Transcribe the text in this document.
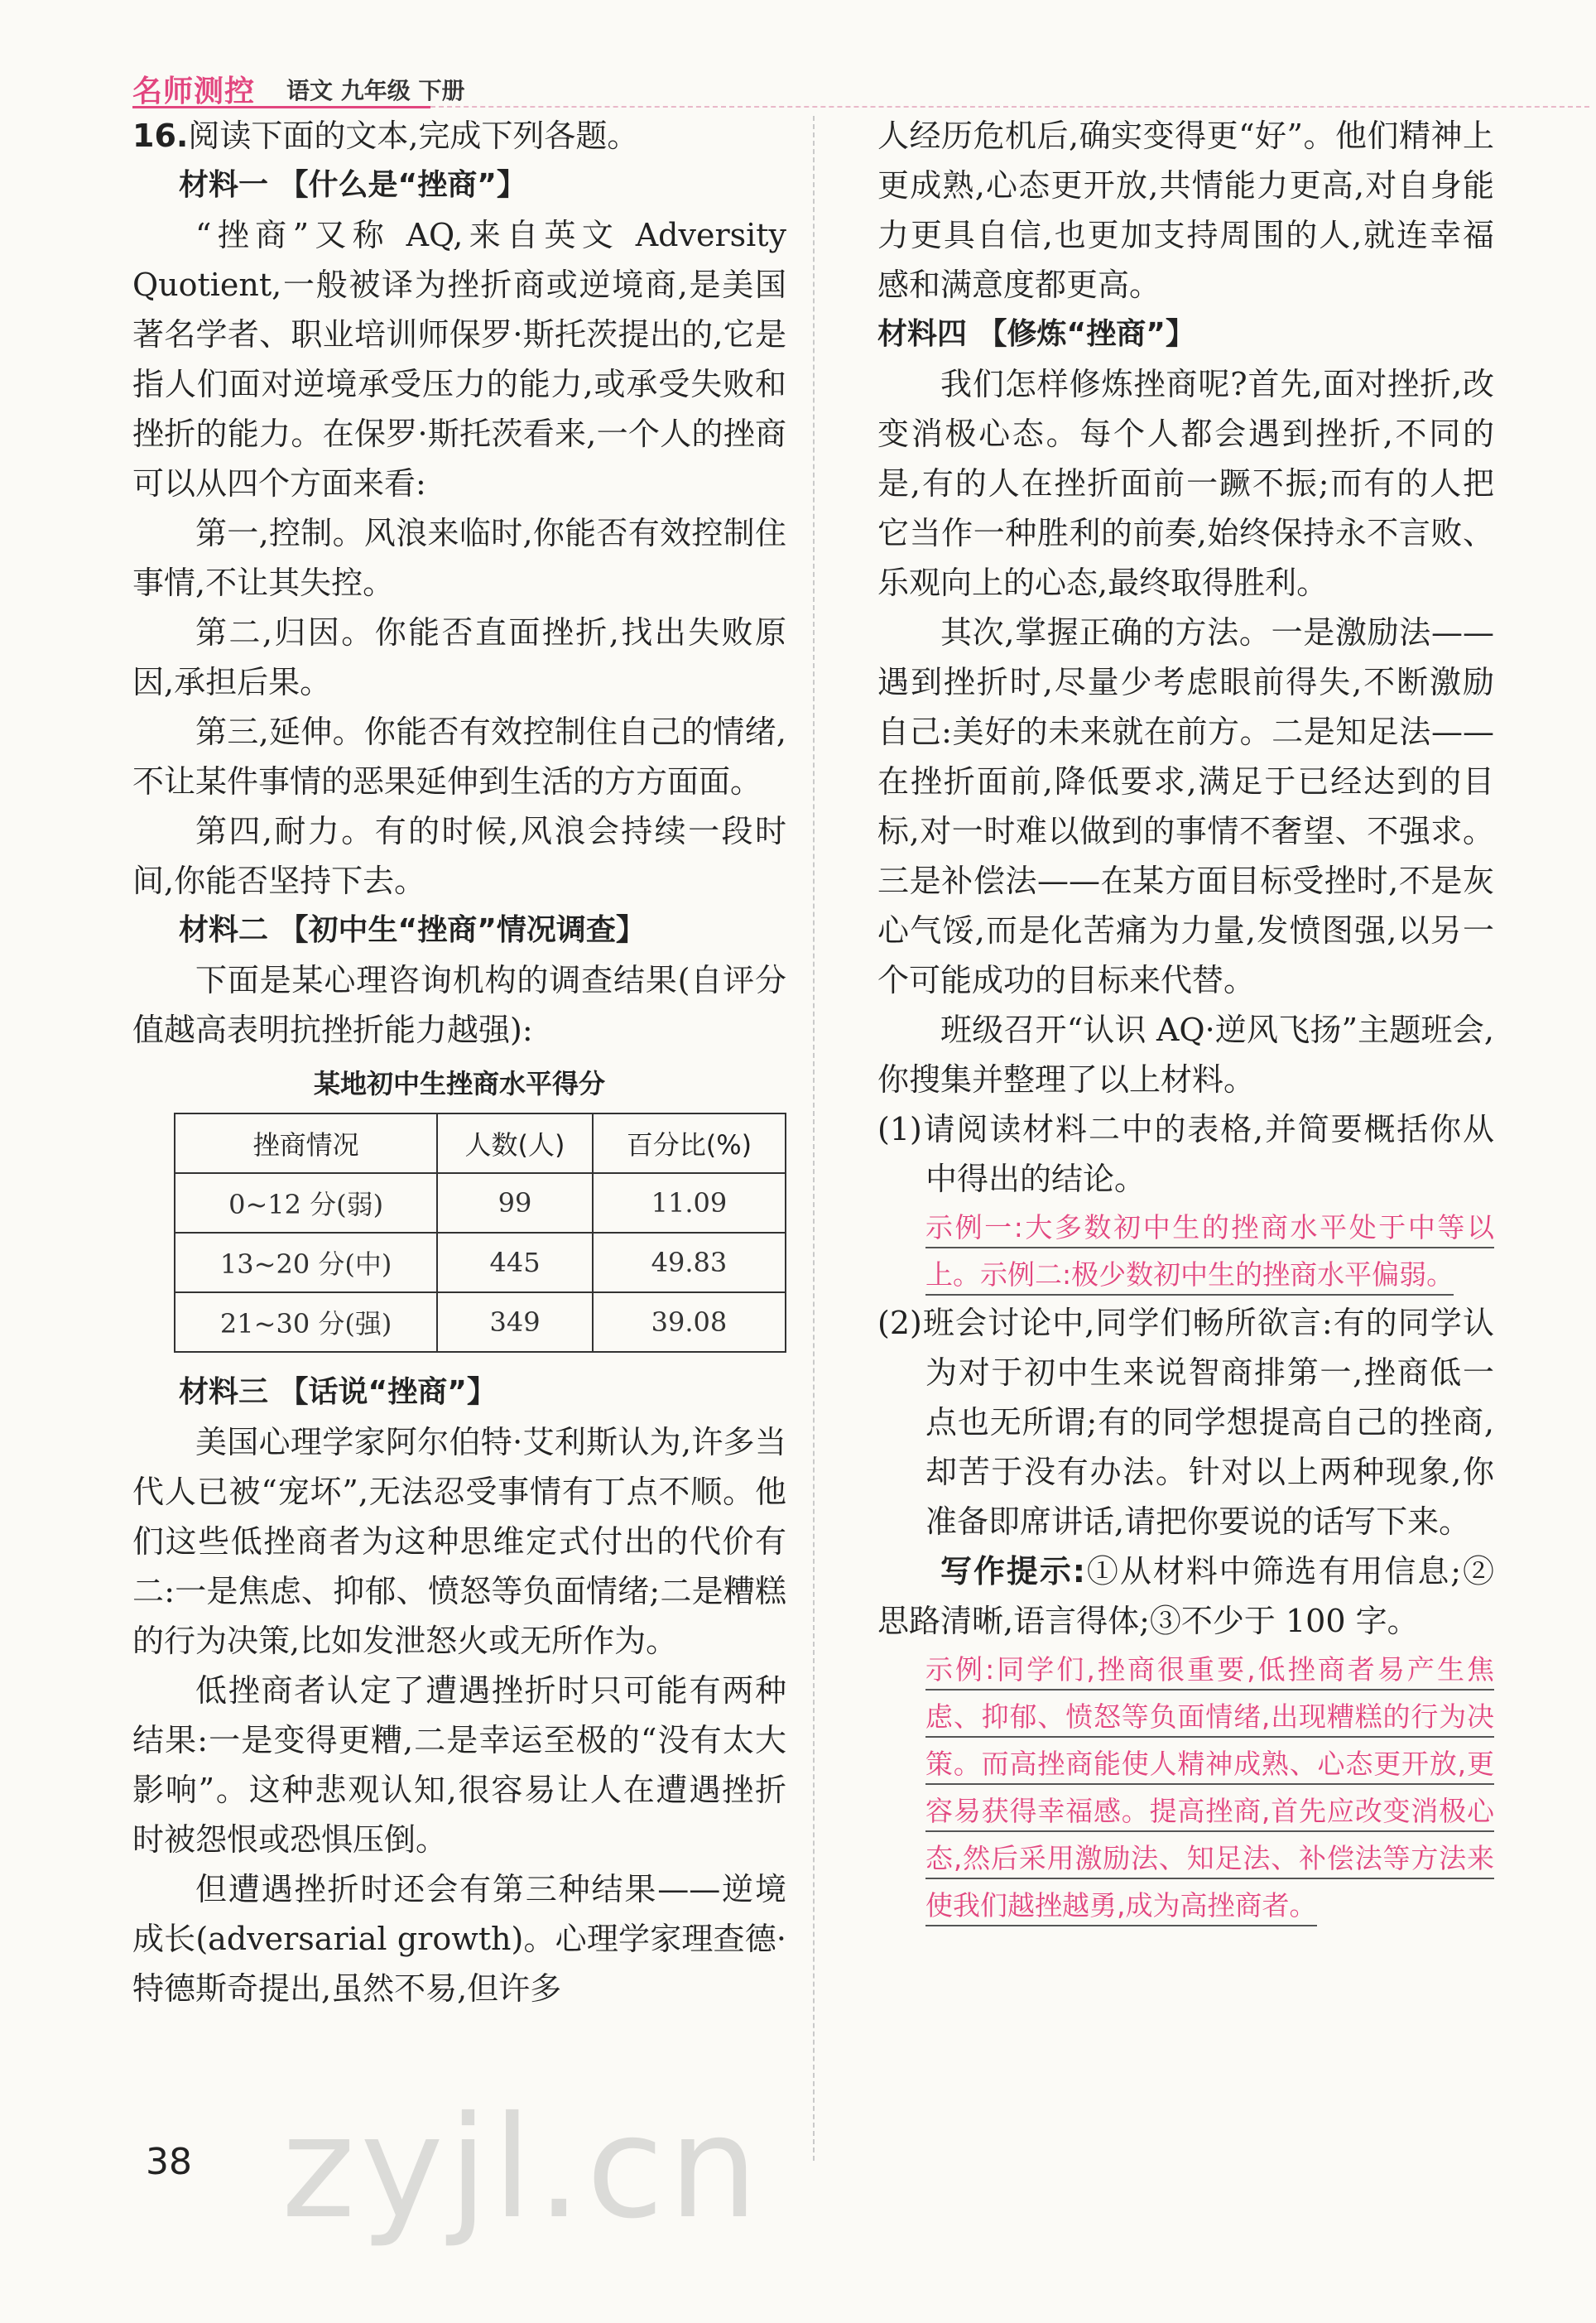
名师测控 语文 九年级 下册

16.阅读下面的文本,完成下列各题。

材料一 【什么是“挫商”】

“挫商”又称 AQ,来自英文 Adversity Quotient,一般被译为挫折商或逆境商,是美国著名学者、职业培训师保罗·斯托茨提出的,它是指人们面对逆境承受压力的能力,或承受失败和挫折的能力。在保罗·斯托茨看来,一个人的挫商可以从四个方面来看:

第一,控制。风浪来临时,你能否有效控制住事情,不让其失控。

第二,归因。你能否直面挫折,找出失败原因,承担后果。

第三,延伸。你能否有效控制住自己的情绪,不让某件事情的恶果延伸到生活的方方面面。

第四,耐力。有的时候,风浪会持续一段时间,你能否坚持下去。

材料二 【初中生“挫商”情况调查】

下面是某心理咨询机构的调查结果(自评分值越高表明抗挫折能力越强):

某地初中生挫商水平得分
挫商情况	人数(人)	百分比(%)
0~12 分(弱)	99	11.09
13~20 分(中)	445	49.83
21~30 分(强)	349	39.08
材料三 【话说“挫商”】

美国心理学家阿尔伯特·艾利斯认为,许多当代人已被“宠坏”,无法忍受事情有丁点不顺。他们这些低挫商者为这种思维定式付出的代价有二:一是焦虑、抑郁、愤怒等负面情绪;二是糟糕的行为决策,比如发泄怒火或无所作为。

低挫商者认定了遭遇挫折时只可能有两种结果:一是变得更糟,二是幸运至极的“没有太大影响”。这种悲观认知,很容易让人在遭遇挫折时被怨恨或恐惧压倒。

但遭遇挫折时还会有第三种结果——逆境成长(adversarial growth)。心理学家理查德·特德斯奇提出,虽然不易,但许多

人经历危机后,确实变得更“好”。他们精神上更成熟,心态更开放,共情能力更高,对自身能力更具自信,也更加支持周围的人,就连幸福感和满意度都更高。

材料四 【修炼“挫商”】

我们怎样修炼挫商呢?首先,面对挫折,改变消极心态。每个人都会遇到挫折,不同的是,有的人在挫折面前一蹶不振;而有的人把它当作一种胜利的前奏,始终保持永不言败、乐观向上的心态,最终取得胜利。

其次,掌握正确的方法。一是激励法——遇到挫折时,尽量少考虑眼前得失,不断激励自己:美好的未来就在前方。二是知足法——在挫折面前,降低要求,满足于已经达到的目标,对一时难以做到的事情不奢望、不强求。三是补偿法——在某方面目标受挫时,不是灰心气馁,而是化苦痛为力量,发愤图强,以另一个可能成功的目标来代替。

班级召开“认识 AQ·逆风飞扬”主题班会,你搜集并整理了以上材料。

(1)请阅读材料二中的表格,并简要概括你从中得出的结论。

示例一:大多数初中生的挫商水平处于中等以上。示例二:极少数初中生的挫商水平偏弱。

(2)班会讨论中,同学们畅所欲言:有的同学认为对于初中生来说智商排第一,挫商低一点也无所谓;有的同学想提高自己的挫商,却苦于没有办法。针对以上两种现象,你准备即席讲话,请把你要说的话写下来。

写作提示:①从材料中筛选有用信息;②思路清晰,语言得体;③不少于 100 字。

示例:同学们,挫商很重要,低挫商者易产生焦虑、抑郁、愤怒等负面情绪,出现糟糕的行为决策。而高挫商能使人精神成熟、心态更开放,更容易获得幸福感。提高挫商,首先应改变消极心态,然后采用激励法、知足法、补偿法等方法来使我们越挫越勇,成为高挫商者。

38 zyjl.cn
